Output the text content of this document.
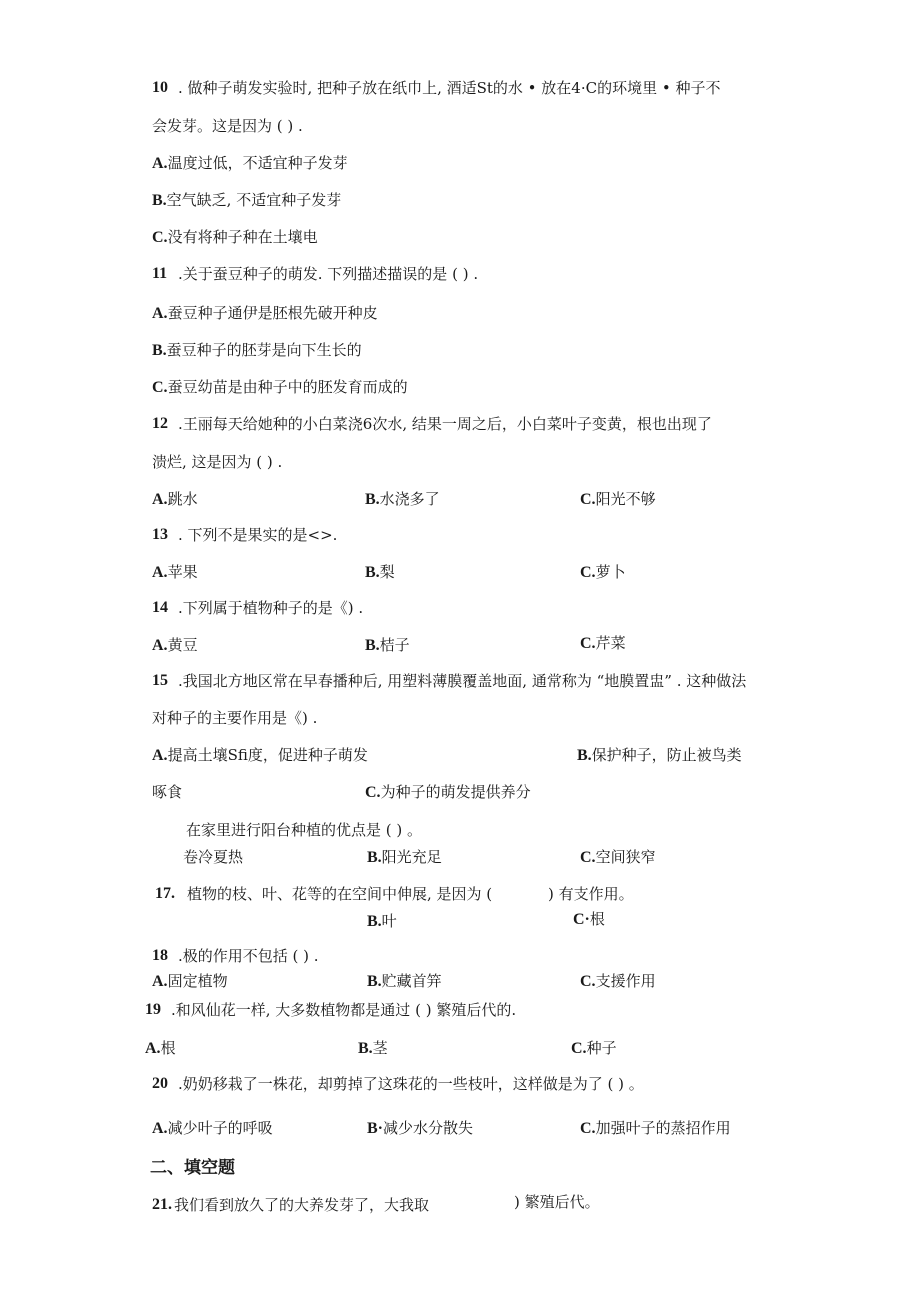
10 . 做种子萌发实验时, 把种子放在纸巾上, 酒适St的水 • 放在4·C的环境里 • 种子不
会发芽。这是因为 ( ) .
A.温度过低，不适宜种子发芽
B.空气缺乏, 不适宜种子发芽
C.没有将种子种在土壤电
11 .关于蚕豆种子的萌发. 下列描述描误的是 ( ) .
A.蚕豆种子通伊是胚根先破开种皮
B.蚕豆种子的胚芽是向下生长的
C.蚕豆幼苗是由种子中的胚发育而成的
12 .王丽每天给她种的小白菜浇6次水, 结果一周之后，小白菜叶子变黄，根也出现了
溃烂, 这是因为 ( ) .
A.跳水	B.水浇多了	C.阳光不够
13 . 下列不是果实的是<>.
A.苹果	B.梨	C.萝卜
14 .下列属于植物种子的是《) .
A.黄豆	B.桔子	C.芹菜
15 .我国北方地区常在早春播种后, 用塑料薄膜覆盖地面, 通常称为 “地膜置盅” . 这种做法
对种子的主要作用是《) .
A.提高土壤Sfi度，促进种子萌发	B.保护种子，防止被鸟类
啄食	C.为种子的萌发提供养分
在家里进行阳台种植的优点是 ( ) 。
卷冷夏热	B.阳光充足	C.空间狭窄
17. 植物的枝、叶、花等的在空间中伸展, 是因为 (	) 有支作用。
B.叶	C·根
18 .极的作用不包括 ( ) .
A.固定植物	B.贮藏首笄	C.支援作用
19 .和风仙花一样, 大多数植物都是通过 ( ) 繁殖后代的.
A.根	B.茎	C.种子
20 .奶奶移栽了一株花，却剪掉了这珠花的一些枝叶，这样做是为了 ( ) 。
A.减少叶子的呼吸	B·减少水分散失	C.加强叶子的蒸招作用
二、填空题
21. 我们看到放久了的大养发芽了，大我取	) 繁殖后代。
